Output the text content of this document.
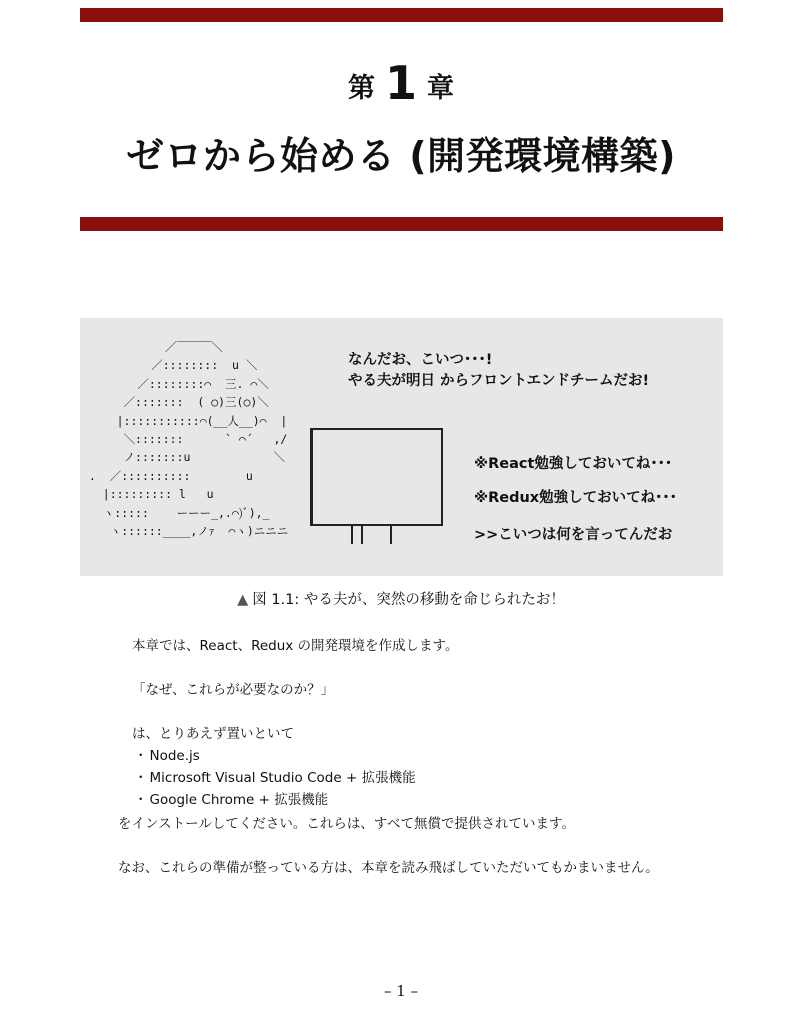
第 1 章
ゼロから始める (開発環境構築)
／￣￣￣＼
／::::::::  u ＼
／::::::::⌒  三. ⌒＼
／:::::::  ( ○)三(○)＼
|:::::::::::⌒(__人__)⌒  |
＼:::::::      ` ⌒´   ,/
ノ:::::::u            ＼
.  ／::::::::::        u
|::::::::: l   u
ヽ:::::    ーーー_,.⌒)ﾞ),_
ヽ::::::____,ノｧ  ⌒ヽ)ニニニ
なんだお、こいつ･･･!
やる夫が明日 からフロントエンドチームだお!
※React勉強しておいてね･･･
※Redux勉強しておいてね･･･
>>こいつは何を言ってんだお
▲ 図 1.1: やる夫が、突然の移動を命じられたお！
本章では、React、Redux の開発環境を作成します。
「なぜ、これらが必要なのか？」
は、とりあえず置いといて
・ Node.js
・ Microsoft Visual Studio Code + 拡張機能
・ Google Chrome + 拡張機能
をインストールしてください。これらは、すべて無償で提供されています。
なお、これらの準備が整っている方は、本章を読み飛ばしていただいてもかまいません。
– 1 –
